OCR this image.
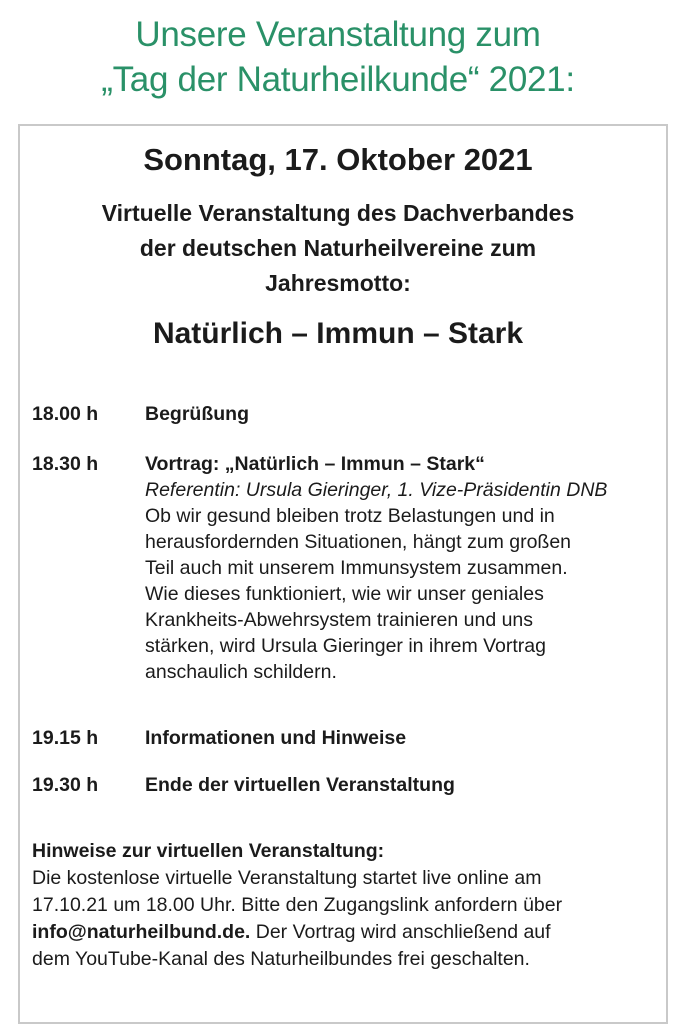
Unsere Veranstaltung zum
„Tag der Naturheilkunde“ 2021:
Sonntag, 17. Oktober 2021
Virtuelle Veranstaltung des Dachverbandes
der deutschen Naturheilvereine zum
Jahresmotto:
Natürlich – Immun – Stark
18.00 h	Begrüßung
18.30 h	Vortrag: „Natürlich – Immun – Stark“
Referentin: Ursula Gieringer, 1. Vize-Präsidentin DNB
Ob wir gesund bleiben trotz Belastungen und in
herausfordernden Situationen, hängt zum großen
Teil auch mit unserem Immunsystem zusammen.
Wie dieses funktioniert, wie wir unser geniales
Krankheits-Abwehrsystem trainieren und uns
stärken, wird Ursula Gieringer in ihrem Vortrag
anschaulich schildern.
19.15 h	Informationen und Hinweise
19.30 h	Ende der virtuellen Veranstaltung
Hinweise zur virtuellen Veranstaltung:
Die kostenlose virtuelle Veranstaltung startet live online am
17.10.21 um 18.00 Uhr. Bitte den Zugangslink anfordern über
info@naturheilbund.de. Der Vortrag wird anschließend auf
dem YouTube-Kanal des Naturheilbundes frei geschalten.
